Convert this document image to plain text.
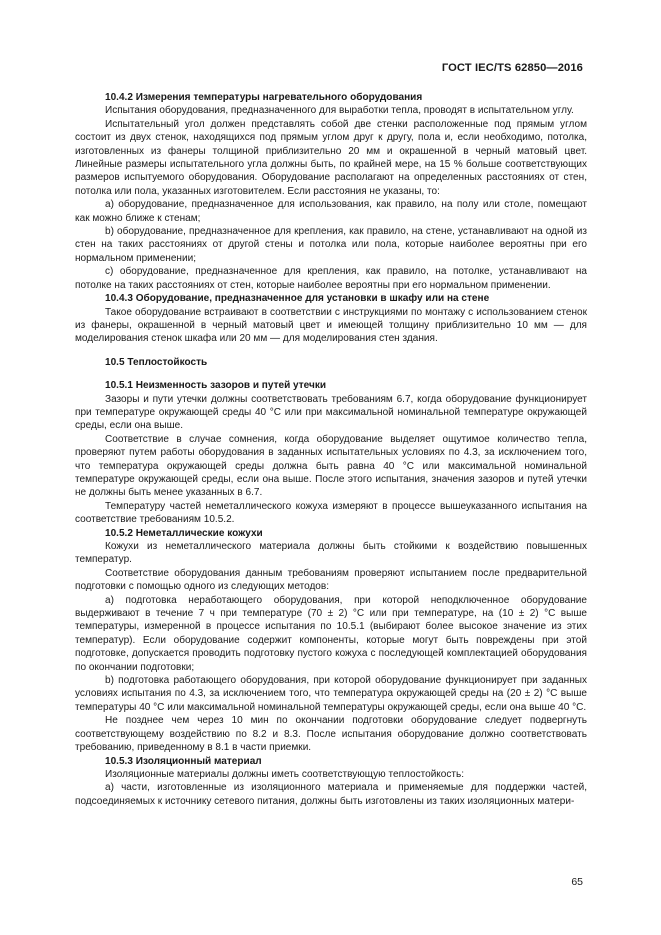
ГОСТ IEC/TS 62850—2016
10.4.2 Измерения температуры нагревательного оборудования
Испытания оборудования, предназначенного для выработки тепла, проводят в испытательном углу.
Испытательный угол должен представлять собой две стенки расположенные под прямым углом состоит из двух стенок, находящихся под прямым углом друг к другу, пола и, если необходимо, потолка, изготовленных из фанеры толщиной приблизительно 20 мм и окрашенной в черный матовый цвет. Линейные размеры испытательного угла должны быть, по крайней мере, на 15 % больше соответствующих размеров испытуемого оборудования. Оборудование располагают на определенных расстояниях от стен, потолка или пола, указанных изготовителем. Если расстояния не указаны, то:
a) оборудование, предназначенное для использования, как правило, на полу или столе, помещают как можно ближе к стенам;
b) оборудование, предназначенное для крепления, как правило, на стене, устанавливают на одной из стен на таких расстояниях от другой стены и потолка или пола, которые наиболее вероятны при его нормальном применении;
c) оборудование, предназначенное для крепления, как правило, на потолке, устанавливают на потолке на таких расстояниях от стен, которые наиболее вероятны при его нормальном применении.
10.4.3 Оборудование, предназначенное для установки в шкафу или на стене
Такое оборудование встраивают в соответствии с инструкциями по монтажу с использованием стенок из фанеры, окрашенной в черный матовый цвет и имеющей толщину приблизительно 10 мм — для моделирования стенок шкафа или 20 мм — для моделирования стен здания.
10.5 Теплостойкость
10.5.1 Неизменность зазоров и путей утечки
Зазоры и пути утечки должны соответствовать требованиям 6.7, когда оборудование функционирует при температуре окружающей среды 40 °С или при максимальной номинальной температуре окружающей среды, если она выше.
Соответствие в случае сомнения, когда оборудование выделяет ощутимое количество тепла, проверяют путем работы оборудования в заданных испытательных условиях по 4.3, за исключением того, что температура окружающей среды должна быть равна 40 °С или максимальной номинальной температуре окружающей среды, если она выше. После этого испытания, значения зазоров и путей утечки не должны быть менее указанных в 6.7.
Температуру частей неметаллического кожуха измеряют в процессе вышеуказанного испытания на соответствие требованиям 10.5.2.
10.5.2 Неметаллические кожухи
Кожухи из неметаллического материала должны быть стойкими к воздействию повышенных температур.
Соответствие оборудования данным требованиям проверяют испытанием после предварительной подготовки с помощью одного из следующих методов:
a) подготовка неработающего оборудования, при которой неподключенное оборудование выдерживают в течение 7 ч при температуре (70 ± 2) °С или при температуре, на (10 ± 2) °С выше температуры, измеренной в процессе испытания по 10.5.1 (выбирают более высокое значение из этих температур). Если оборудование содержит компоненты, которые могут быть повреждены при этой подготовке, допускается проводить подготовку пустого кожуха с последующей комплектацией оборудования по окончании подготовки;
b) подготовка работающего оборудования, при которой оборудование функционирует при заданных условиях испытания по 4.3, за исключением того, что температура окружающей среды на (20 ± 2) °С выше температуры 40 °С или максимальной номинальной температуры окружающей среды, если она выше 40 °С.
Не позднее чем через 10 мин по окончании подготовки оборудование следует подвергнуть соответствующему воздействию по 8.2 и 8.3. После испытания оборудование должно соответствовать требованию, приведенному в 8.1 в части приемки.
10.5.3 Изоляционный материал
Изоляционные материалы должны иметь соответствующую теплостойкость:
a) части, изготовленные из изоляционного материала и применяемые для поддержки частей, подсоединяемых к источнику сетевого питания, должны быть изготовлены из таких изоляционных матери-
65
